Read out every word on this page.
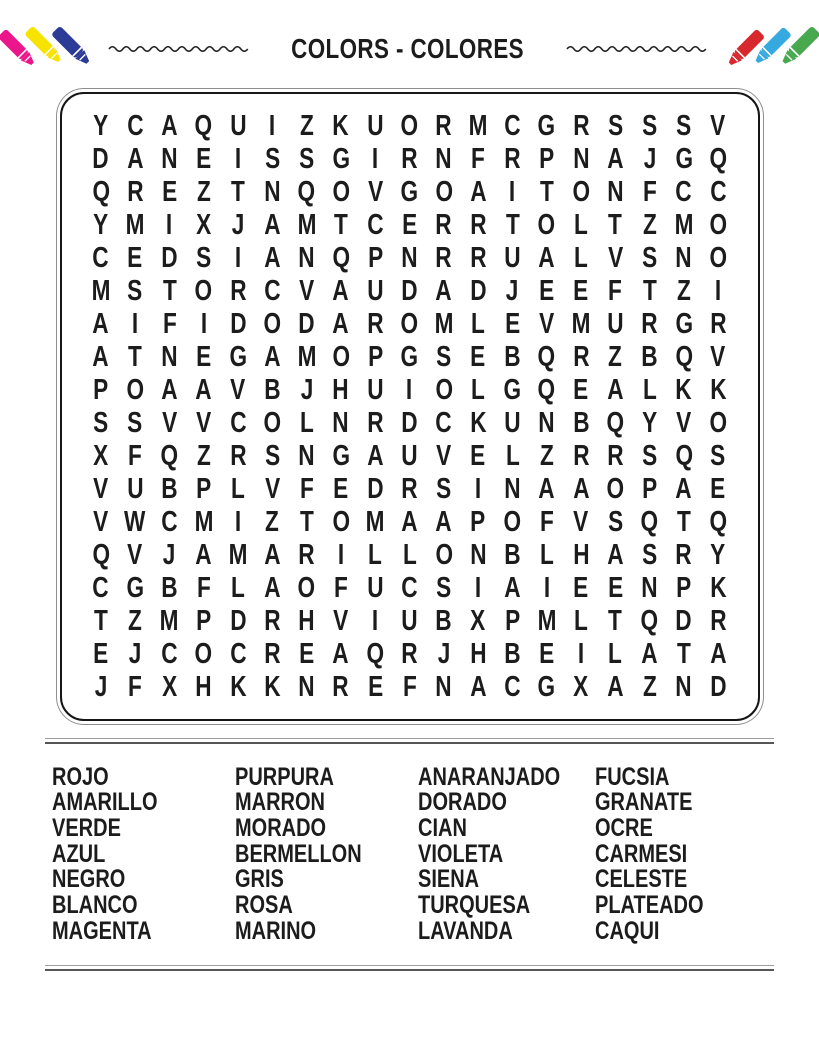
COLORS - COLORES
Y C A Q U I Z K U O R M C G R S S S V
D A N E I S S G I R N F R P N A J G Q
Q R E Z T N Q O V G O A I T O N F C C
Y M I X J A M T C E R R T O L T Z M O
C E D S I A N Q P N R R U A L V S N O
M S T O R C V A U D A D J E E F T Z I
A I F I D O D A R O M L E V M U R G R
A T N E G A M O P G S E B Q R Z B Q V
P O A A V B J H U I O L G Q E A L K K
S S V V C O L N R D C K U N B Q Y V O
X F Q Z R S N G A U V E L Z R R S Q S
V U B P L V F E D R S I N A A O P A E
V W C M I Z T O M A A P O F V S Q T Q
Q V J A M A R I L L O N B L H A S R Y
C G B F L A O F U C S I A I E E N P K
T Z M P D R H V I U B X P M L T Q D R
E J C O C R E A Q R J H B E I L A T A
J F X H K K N R E F N A C G X A Z N D
ROJO
AMARILLO
VERDE
AZUL
NEGRO
BLANCO
MAGENTA
PURPURA
MARRON
MORADO
BERMELLON
GRIS
ROSA
MARINO
ANARANJADO
DORADO
CIAN
VIOLETA
SIENA
TURQUESA
LAVANDA
FUCSIA
GRANATE
OCRE
CARMESI
CELESTE
PLATEADO
CAQUI
